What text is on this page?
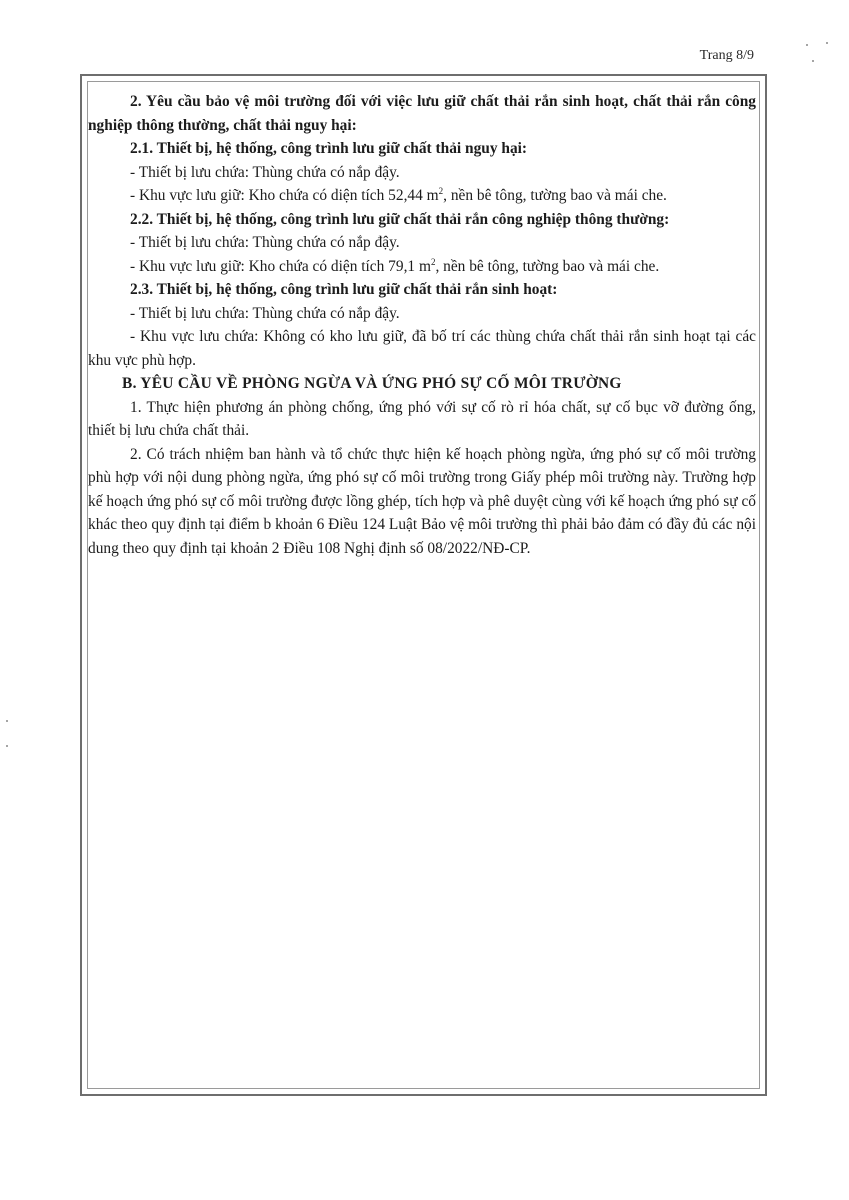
Trang 8/9

2. Yêu cầu bảo vệ môi trường đối với việc lưu giữ chất thải rắn sinh hoạt, chất thải rắn công nghiệp thông thường, chất thải nguy hại:

2.1. Thiết bị, hệ thống, công trình lưu giữ chất thải nguy hại:

- Thiết bị lưu chứa: Thùng chứa có nắp đậy.

- Khu vực lưu giữ: Kho chứa có diện tích 52,44 $m^2$, nền bê tông, tường bao và mái che.

2.2. Thiết bị, hệ thống, công trình lưu giữ chất thải rắn công nghiệp thông thường:

- Thiết bị lưu chứa: Thùng chứa có nắp đậy.

- Khu vực lưu giữ: Kho chứa có diện tích 79,1 $m^2$, nền bê tông, tường bao và mái che.

2.3. Thiết bị, hệ thống, công trình lưu giữ chất thải rắn sinh hoạt:

- Thiết bị lưu chứa: Thùng chứa có nắp đậy.

- Khu vực lưu chứa: Không có kho lưu giữ, đã bố trí các thùng chứa chất thải rắn sinh hoạt tại các khu vực phù hợp.

B. YÊU CẦU VỀ PHÒNG NGỪA VÀ ỨNG PHÓ SỰ CỐ MÔI TRƯỜNG

1. Thực hiện phương án phòng chống, ứng phó với sự cố rò rỉ hóa chất, sự cố bục vỡ đường ống, thiết bị lưu chứa chất thải.

2. Có trách nhiệm ban hành và tổ chức thực hiện kế hoạch phòng ngừa, ứng phó sự cố môi trường phù hợp với nội dung phòng ngừa, ứng phó sự cố môi trường trong Giấy phép môi trường này. Trường hợp kế hoạch ứng phó sự cố môi trường được lồng ghép, tích hợp và phê duyệt cùng với kế hoạch ứng phó sự cố khác theo quy định tại điểm b khoản 6 Điều 124 Luật Bảo vệ môi trường thì phải bảo đảm có đầy đủ các nội dung theo quy định tại khoản 2 Điều 108 Nghị định số 08/2022/NĐ-CP.
